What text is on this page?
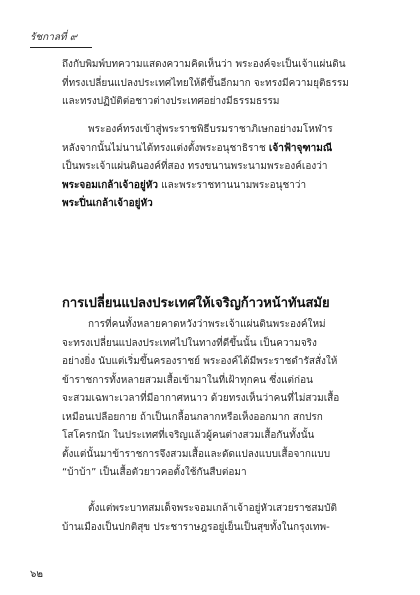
รัชกาลที่ ๙
ถึงกับพิมพ์บทความแสดงความคิดเห็นว่า พระองค์จะเป็นเจ้าแผ่นดิน
ที่ทรงเปลี่ยนแปลงประเทศไทยให้ดีขึ้นอีกมาก จะทรงมีความยุติธรรม
และทรงปฏิบัติต่อชาวต่างประเทศอย่างมีธรรมธรรม
พระองค์ทรงเข้าสู่พระราชพิธีบรมราชาภิเษกอย่างมโหฬาร
หลังจากนั้นไม่นานได้ทรงแต่งตั้งพระอนุชาธิราช เจ้าฟ้าจุฑามณี
เป็นพระเจ้าแผ่นดินองค์ที่สอง ทรงขนานพระนามพระองค์เองว่า
พระจอมเกล้าเจ้าอยู่หัว และพระราชทานนามพระอนุชาว่า
พระปิ่นเกล้าเจ้าอยู่หัว
การเปลี่ยนแปลงประเทศให้เจริญก้าวหน้าทันสมัย
การที่คนทั้งหลายคาดหวังว่าพระเจ้าแผ่นดินพระองค์ใหม่
จะทรงเปลี่ยนแปลงประเทศไปในทางที่ดีขึ้นนั้น เป็นความจริง
อย่างยิ่ง นับแต่เริ่มขึ้นครองราชย์ พระองค์ได้มีพระราชดำรัสสั่งให้
ข้าราชการทั้งหลายสวมเสื้อเข้ามาในที่เฝ้าทุกคน ซึ่งแต่ก่อน
จะสวมเฉพาะเวลาที่มีอากาศหนาว ด้วยทรงเห็นว่าคนที่ไม่สวมเสื้อ
เหมือนเปลือยกาย ถ้าเป็นเกลื้อนกลากหรือเห็งออกมาก สกปรก
โสโครกนัก ในประเทศที่เจริญแล้วผู้คนต่างสวมเสื้อกันทั้งนั้น
ตั้งแต่นั้นมาข้าราชการจึงสวมเสื้อและดัดแปลงแบบเสื้อจากแบบ
“บ้าบ้า” เป็นเสื้อตัวยาวคอตั้งใช้กันสืบต่อมา
ตั้งแต่พระบาทสมเด็จพระจอมเกล้าเจ้าอยู่หัวเสวยราชสมบัติ
บ้านเมืองเป็นปกติสุข ประชาราษฎรอยู่เย็นเป็นสุขทั้งในกรุงเทพ-
๖๒
